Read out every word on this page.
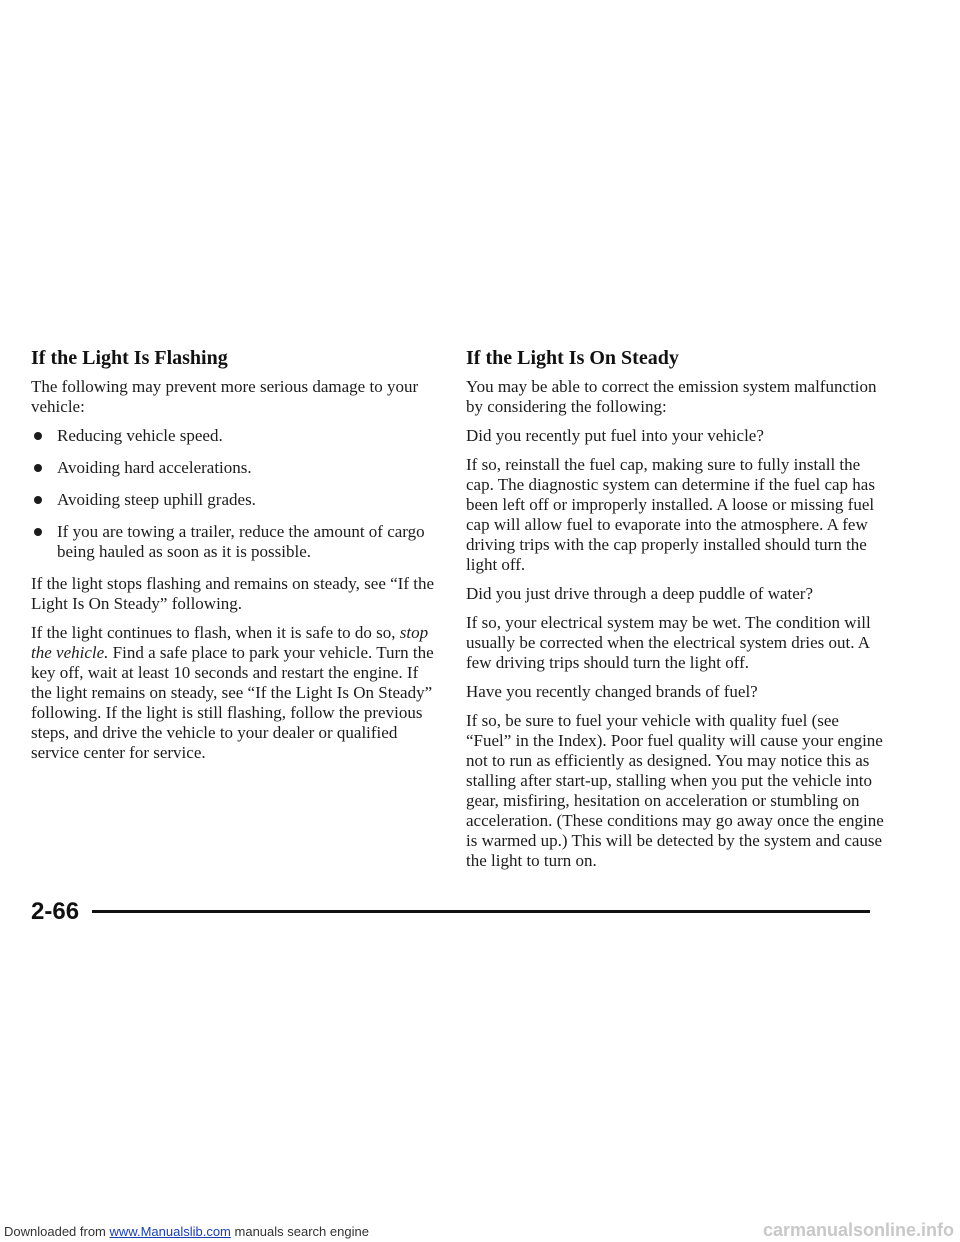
If the Light Is Flashing

The following may prevent more serious damage to your vehicle:

Reducing vehicle speed.
Avoiding hard accelerations.
Avoiding steep uphill grades.
If you are towing a trailer, reduce the amount of cargo being hauled as soon as it is possible.

If the light stops flashing and remains on steady, see “If the Light Is On Steady” following.

If the light continues to flash, when it is safe to do so, stop the vehicle. Find a safe place to park your vehicle. Turn the key off, wait at least 10 seconds and restart the engine. If the light remains on steady, see “If the Light Is On Steady” following. If the light is still flashing, follow the previous steps, and drive the vehicle to your dealer or qualified service center for service.

If the Light Is On Steady

You may be able to correct the emission system malfunction by considering the following:

Did you recently put fuel into your vehicle?

If so, reinstall the fuel cap, making sure to fully install the cap. The diagnostic system can determine if the fuel cap has been left off or improperly installed. A loose or missing fuel cap will allow fuel to evaporate into the atmosphere. A few driving trips with the cap properly installed should turn the light off.

Did you just drive through a deep puddle of water?

If so, your electrical system may be wet. The condition will usually be corrected when the electrical system dries out. A few driving trips should turn the light off.

Have you recently changed brands of fuel?

If so, be sure to fuel your vehicle with quality fuel (see “Fuel” in the Index). Poor fuel quality will cause your engine not to run as efficiently as designed. You may notice this as stalling after start-up, stalling when you put the vehicle into gear, misfiring, hesitation on acceleration or stumbling on acceleration. (These conditions may go away once the engine is warmed up.) This will be detected by the system and cause the light to turn on.

2-66
Downloaded from www.Manualslib.com manuals search engine	carmanualsonline.info
